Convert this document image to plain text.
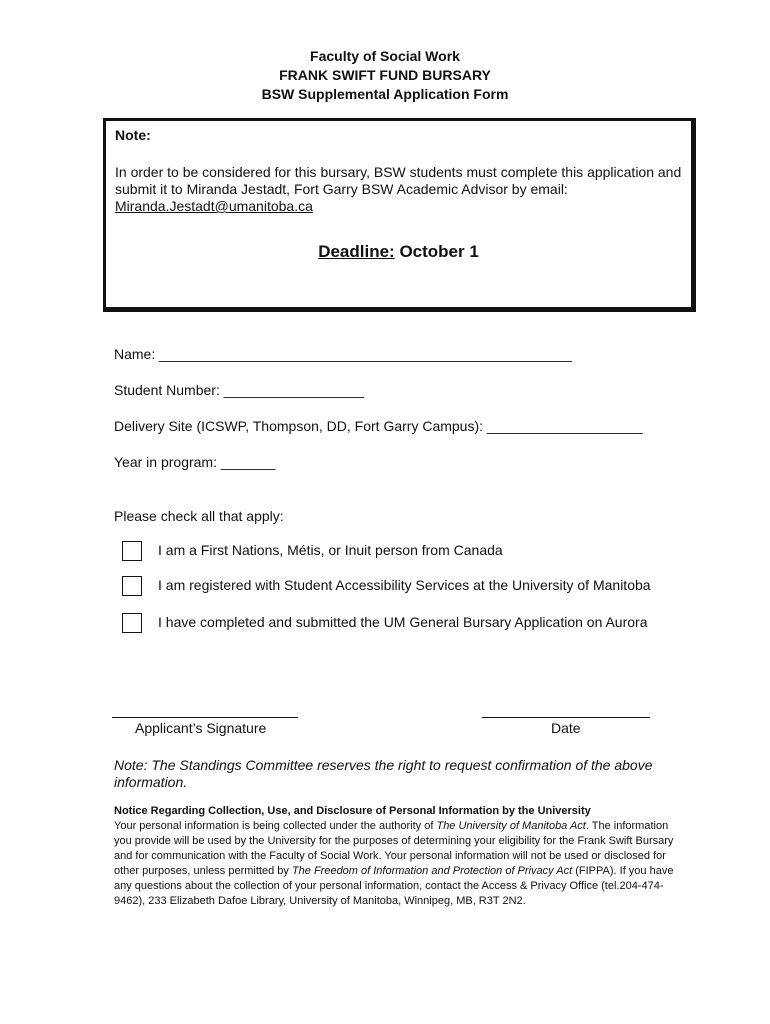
Faculty of Social Work
FRANK SWIFT FUND BURSARY
BSW Supplemental Application Form

Note:

In order to be considered for this bursary, BSW students must complete this application and submit it to Miranda Jestadt, Fort Garry BSW Academic Advisor by email: Miranda.Jestadt@umanitoba.ca

Deadline: October 1
Name: _____________________________________________________
Student Number: __________________
Delivery Site (ICSWP, Thompson, DD, Fort Garry Campus): ____________________
Year in program: _______
Please check all that apply:
I am a First Nations, Métis, or Inuit person from Canada
I am registered with Student Accessibility Services at the University of Manitoba
I have completed and submitted the UM General Bursary Application on Aurora
Applicant’s Signature	Date
Note: The Standings Committee reserves the right to request confirmation of the above information.
Notice Regarding Collection, Use, and Disclosure of Personal Information by the University

Your personal information is being collected under the authority of The University of Manitoba Act. The information you provide will be used by the University for the purposes of determining your eligibility for the Frank Swift Bursary and for communication with the Faculty of Social Work. Your personal information will not be used or disclosed for other purposes, unless permitted by The Freedom of Information and Protection of Privacy Act (FIPPA). If you have any questions about the collection of your personal information, contact the Access & Privacy Office (tel.204-474-9462), 233 Elizabeth Dafoe Library, University of Manitoba, Winnipeg, MB, R3T 2N2.
